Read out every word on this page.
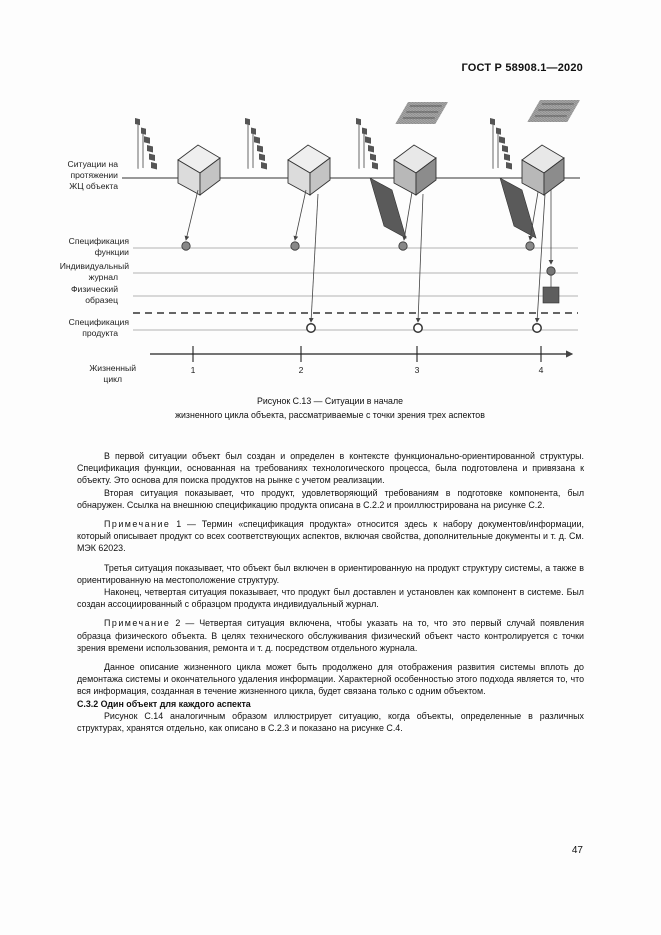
ГОСТ Р 58908.1—2020
Ситуации на
протяжении
ЖЦ объекта
Спецификация
функции
Индивидуальный
журнал
Физический
образец
Спецификация
продукта
Жизненный
цикл
1	2	3	4
Рисунок С.13 — Ситуации в начале
жизненного цикла объекта, рассматриваемые с точки зрения трех аспектов

В первой ситуации объект был создан и определен в контексте функционально-ориентированной структуры. Спецификация функции, основанная на требованиях технологического процесса, была подготовлена и привязана к объекту. Это основа для поиска продуктов на рынке с учетом реализации.

Вторая ситуация показывает, что продукт, удовлетворяющий требованиям в подготовке компонента, был обнаружен. Ссылка на внешнюю спецификацию продукта описана в С.2.2 и проиллюстрирована на рисунке С.2.

Примечание 1 — Термин «спецификация продукта» относится здесь к набору документов/информации, который описывает продукт со всех соответствующих аспектов, включая свойства, дополнительные документы и т. д. См. МЭК 62023.

Третья ситуация показывает, что объект был включен в ориентированную на продукт структуру системы, а также в ориентированную на местоположение структуру.

Наконец, четвертая ситуация показывает, что продукт был доставлен и установлен как компонент в системе. Был создан ассоциированный с образцом продукта индивидуальный журнал.

Примечание 2 — Четвертая ситуация включена, чтобы указать на то, что это первый случай появления образца физического объекта. В целях технического обслуживания физический объект часто контролируется с точки зрения времени использования, ремонта и т. д. посредством отдельного журнала.

Данное описание жизненного цикла может быть продолжено для отображения развития системы вплоть до демонтажа системы и окончательного удаления информации. Характерной особенностью этого подхода является то, что вся информация, созданная в течение жизненного цикла, будет связана только с одним объектом.

С.3.2 Один объект для каждого аспекта

Рисунок С.14 аналогичным образом иллюстрирует ситуацию, когда объекты, определенные в различных структурах, хранятся отдельно, как описано в С.2.3 и показано на рисунке С.4.

47
